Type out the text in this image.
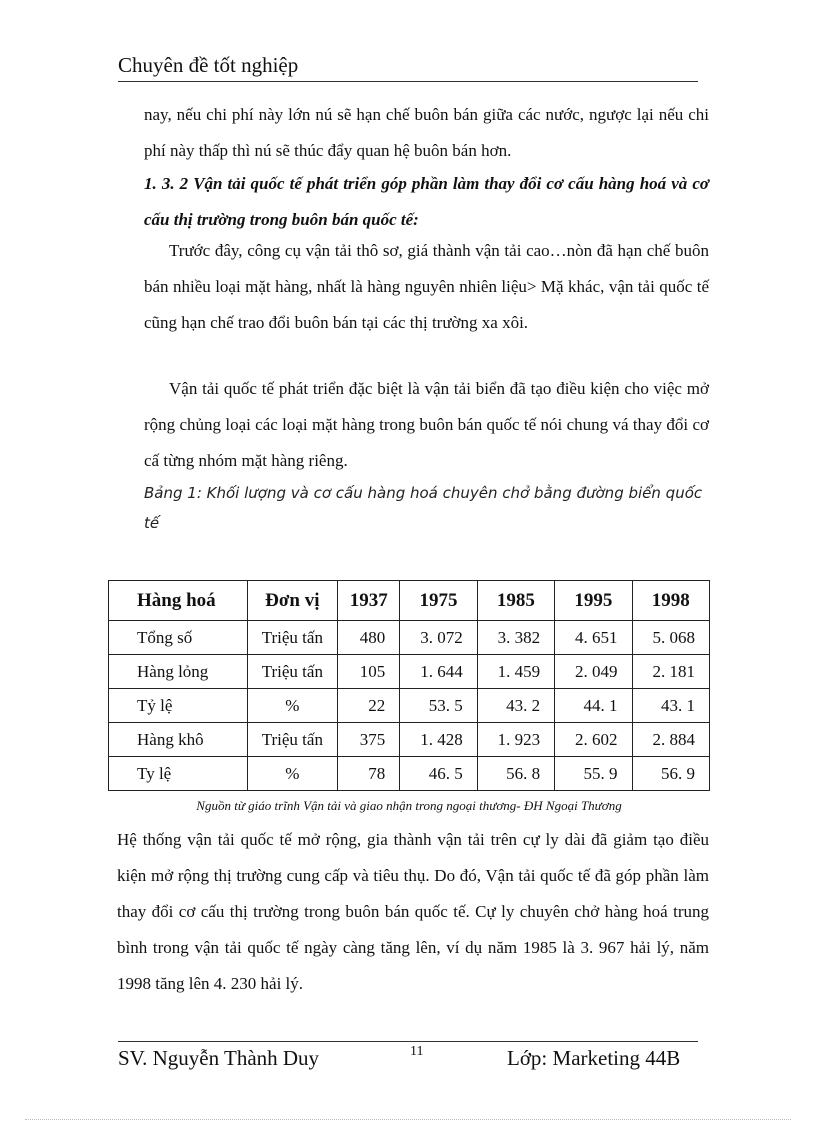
Chuyên đề tốt nghiệp
nay, nếu chi phí này lớn nú sẽ hạn chế buôn bán giữa các nước, ngược lại nếu chi phí này thấp thì nú sẽ thúc đẩy quan hệ buôn bán hơn.
1. 3. 2 Vận tải quốc tế phát triển góp phần làm thay đổi cơ cấu hàng hoá và cơ cấu thị trường trong buôn bán quốc tế:
Trước đây, công cụ vận tải thô sơ, giá thành vận tải cao…nòn đã hạn chế buôn bán nhiều loại mặt hàng, nhất là hàng nguyên nhiên liệu> Mặ khác, vận tải quốc tế cũng hạn chế trao đổi buôn bán tại các thị trường xa xôi.
Vận tải quốc tế phát triển đặc biệt là vận tải biển đã tạo điều kiện cho việc mở rộng chủng loại các loại mặt hàng trong buôn bán quốc tế nói chung vá thay đổi cơ cấ từng nhóm mặt hàng riêng.
Bảng 1: Khối lượng và cơ cấu hàng hoá chuyên chở bằng đường biển quốc tế
Hàng hoá	Đơn vị	1937	1975	1985	1995	1998
Tổng số	Triệu tấn	480	3. 072	3. 382	4. 651	5. 068
Hàng lỏng	Triệu tấn	105	1. 644	1. 459	2. 049	2. 181
Tỷ lệ	%	22	53. 5	43. 2	44. 1	43. 1
Hàng khô	Triệu tấn	375	1. 428	1. 923	2. 602	2. 884
Ty lệ	%	78	46. 5	56. 8	55. 9	56. 9
Nguồn từ giáo trĩnh Vận tải và giao nhận trong ngoại thương- ĐH Ngoại Thương
Hệ thống vận tải quốc tế mở rộng, gia thành vận tải trên cự ly dài đã giảm tạo điều kiện mở rộng thị trường cung cấp và tiêu thụ. Do đó, Vận tải quốc tế đã góp phần làm thay đổi cơ cấu thị trường trong buôn bán quốc tế. Cự ly chuyên chở hàng hoá trung bình trong vận tải quốc tế ngày càng tăng lên, ví dụ năm 1985 là 3. 967 hải lý, năm 1998 tăng lên 4. 230 hải lý.
SV. Nguyễn Thành Duy	11	Lớp: Marketing 44B
